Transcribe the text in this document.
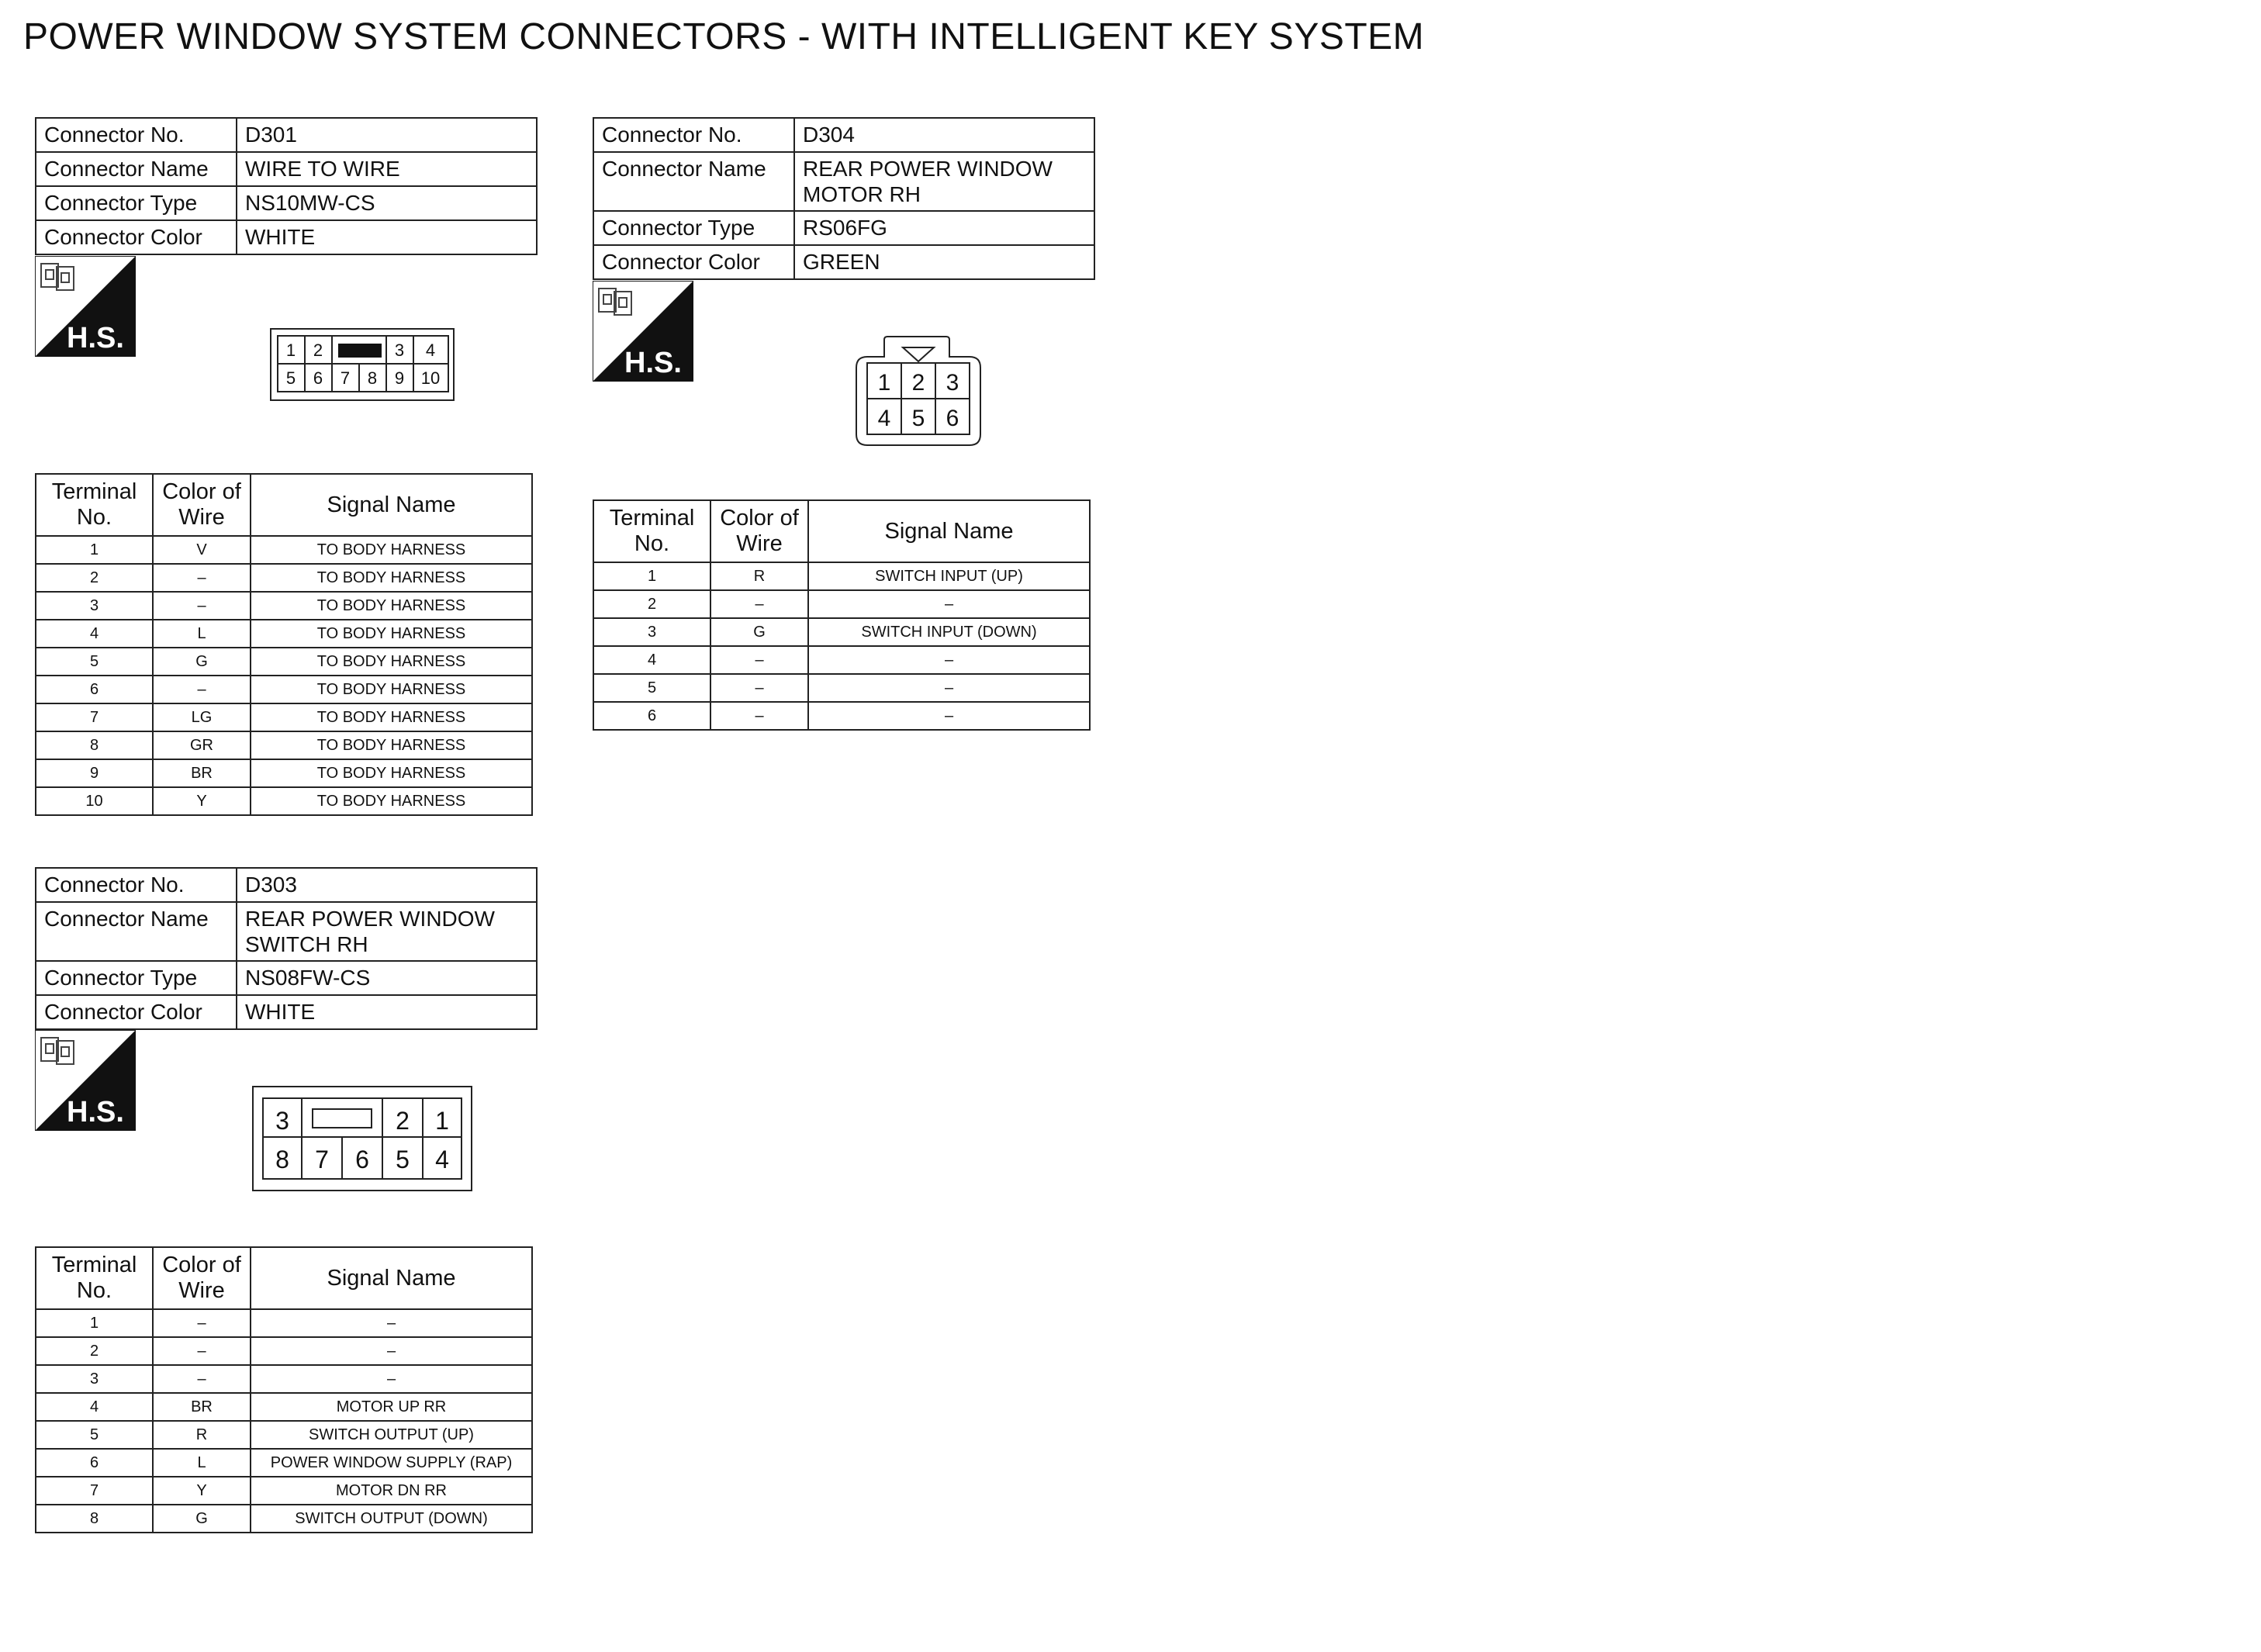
POWER WINDOW SYSTEM CONNECTORS - WITH INTELLIGENT KEY SYSTEM
Connector No.	D301
Connector Name	WIRE TO WIRE
Connector Type	NS10MW-CS
Connector Color	WHITE
H.S.	1 2	3 4
5 6 7 8 9 10
Terminal
No.	Color of
Wire	Signal Name
1	V	TO BODY HARNESS
2	–	TO BODY HARNESS
3	–	TO BODY HARNESS
4	L	TO BODY HARNESS
5	G	TO BODY HARNESS
6	–	TO BODY HARNESS
7	LG	TO BODY HARNESS
8	GR	TO BODY HARNESS
9	BR	TO BODY HARNESS
10	Y	TO BODY HARNESS
Connector No.	D303
Connector Name	REAR POWER WINDOW
SWITCH RH
Connector Type	NS08FW-CS
Connector Color	WHITE
H.S.	3	2 1
8 7 6 5 4
Terminal
No.	Color of
Wire	Signal Name
1	–	–
2	–	–
3	–	–
4	BR	MOTOR UP RR
5	R	SWITCH OUTPUT (UP)
6	L	POWER WINDOW SUPPLY (RAP)
7	Y	MOTOR DN RR
8	G	SWITCH OUTPUT (DOWN)
Connector No.	D304
Connector Name	REAR POWER WINDOW
MOTOR RH
Connector Type	RS06FG
Connector Color	GREEN
H.S.
1 2 3
4 5 6
Terminal
No.	Color of
Wire	Signal Name
1	R	SWITCH INPUT (UP)
2	–	–
3	G	SWITCH INPUT (DOWN)
4	–	–
5	–	–
6	–	–
